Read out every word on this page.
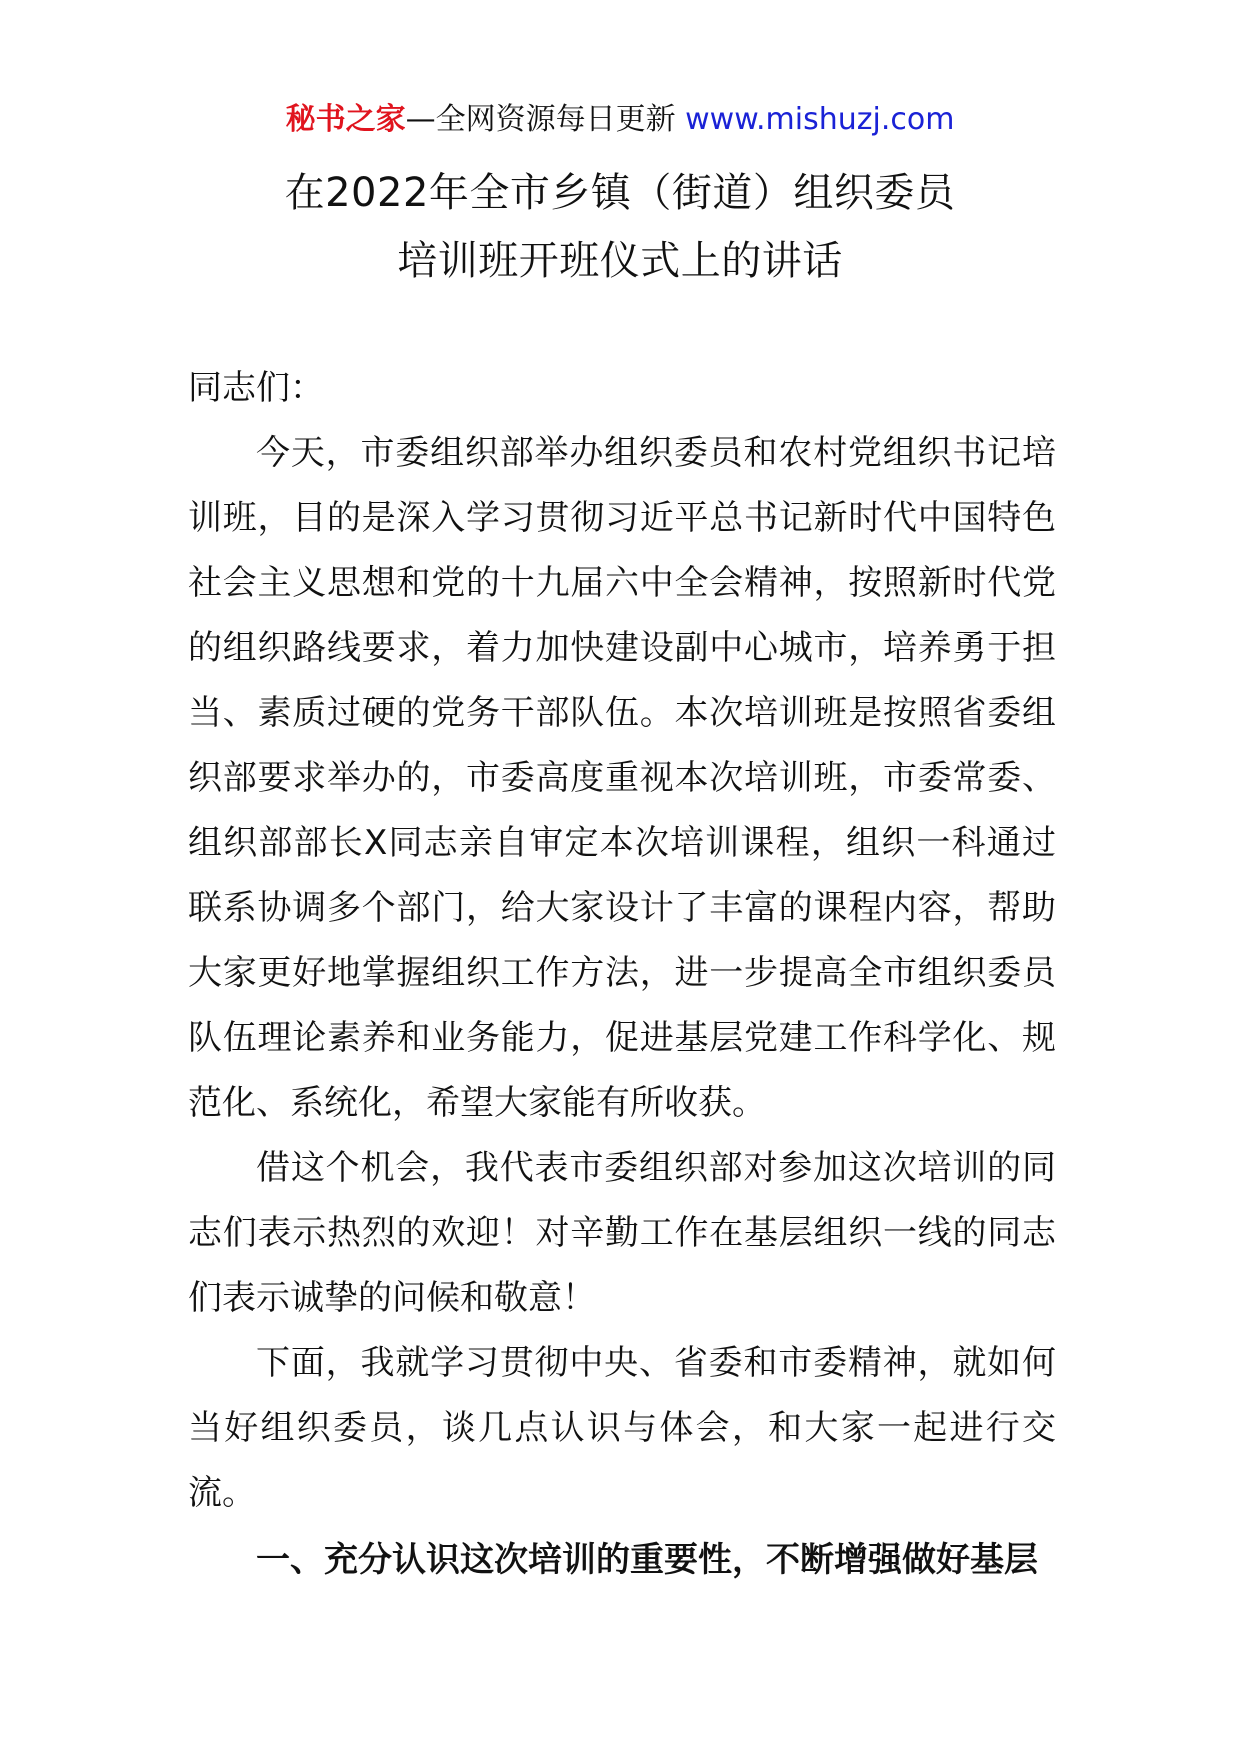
秘书之家—全网资源每日更新 www.mishuzj.com
在2022年全市乡镇（街道）组织委员
培训班开班仪式上的讲话

同志们：

今天，市委组织部举办组织委员和农村党组织书记培训班，目的是深入学习贯彻习近平总书记新时代中国特色社会主义思想和党的十九届六中全会精神，按照新时代党的组织路线要求，着力加快建设副中心城市，培养勇于担当、素质过硬的党务干部队伍。本次培训班是按照省委组织部要求举办的，市委高度重视本次培训班，市委常委、组织部部长X同志亲自审定本次培训课程，组织一科通过联系协调多个部门，给大家设计了丰富的课程内容，帮助大家更好地掌握组织工作方法，进一步提高全市组织委员队伍理论素养和业务能力，促进基层党建工作科学化、规范化、系统化，希望大家能有所收获。

借这个机会，我代表市委组织部对参加这次培训的同志们表示热烈的欢迎！对辛勤工作在基层组织一线的同志们表示诚挚的问候和敬意！

下面，我就学习贯彻中央、省委和市委精神，就如何当好组织委员，谈几点认识与体会，和大家一起进行交流。

一、充分认识这次培训的重要性，不断增强做好基层
